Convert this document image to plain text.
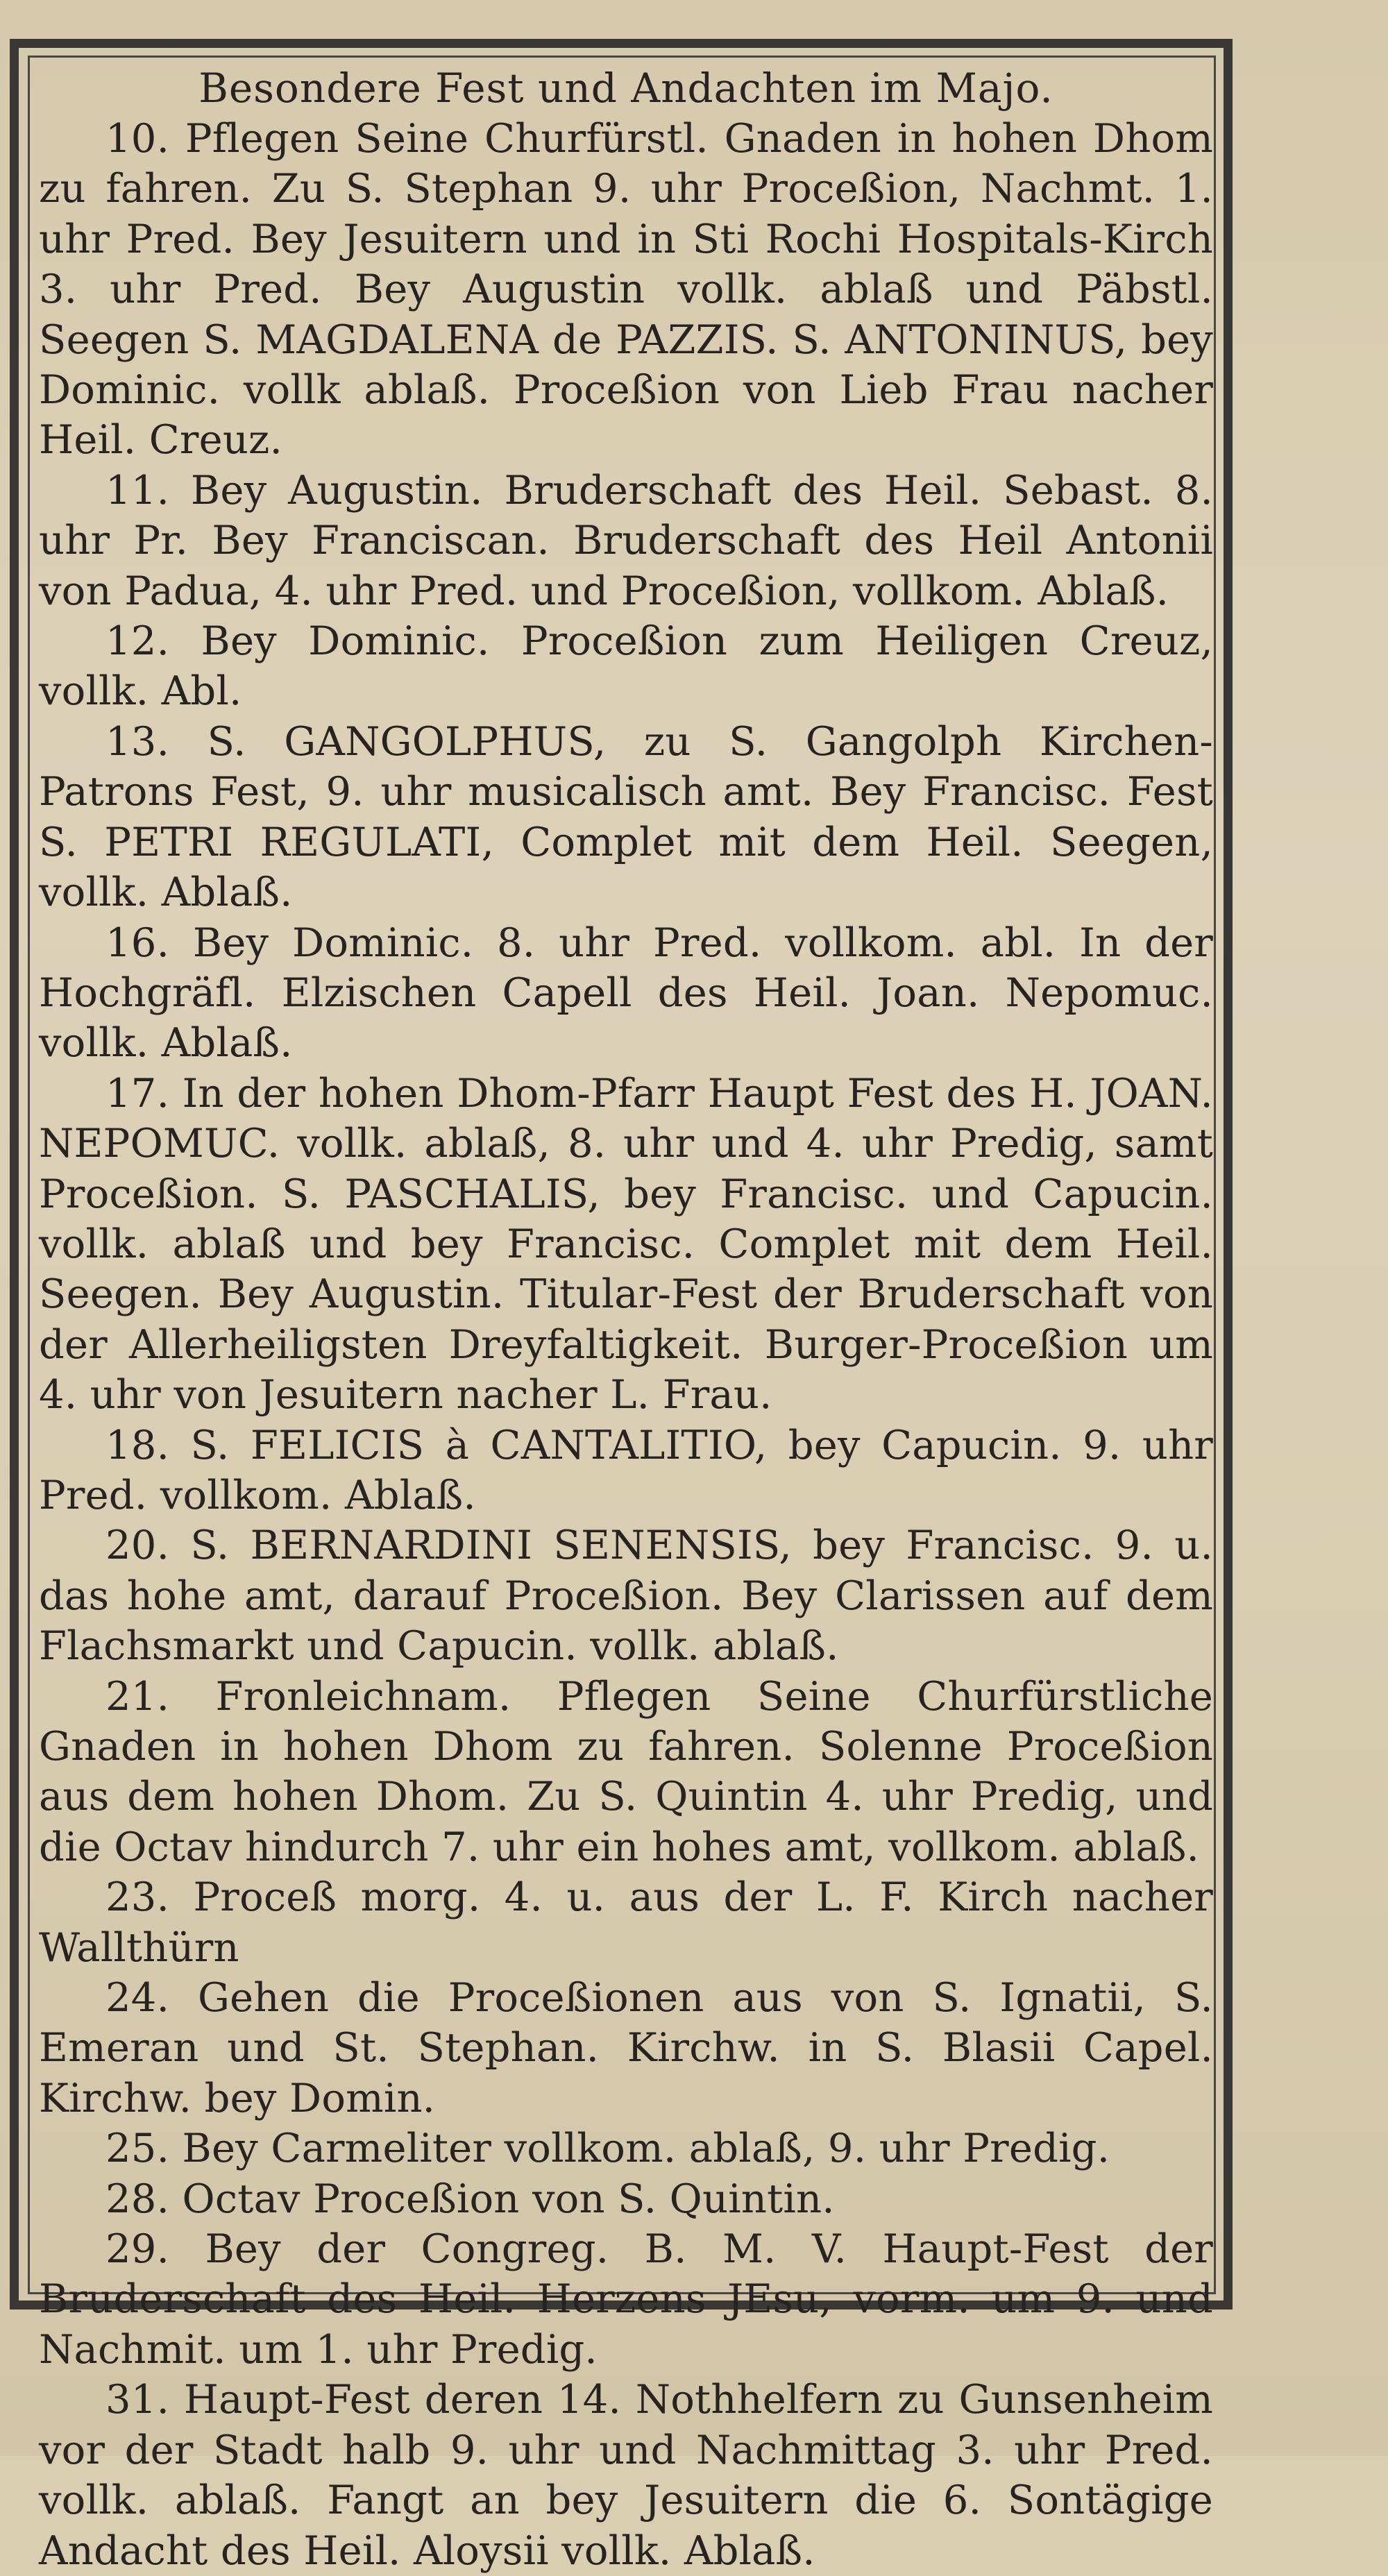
Besondere Fest und Andachten im Majo.

10. Pflegen Seine Churfürstl. Gnaden in hohen Dhom zu fahren. Zu S. Stephan 9. uhr Proceßion, Nachmt. 1. uhr Pred. Bey Jesuitern und in Sti Rochi Hospitals-Kirch 3. uhr Pred. Bey Augustin vollk. ablaß und Päbstl. Seegen S. MAGDALENA de PAZZIS. S. ANTONINUS, bey Dominic. vollk ablaß. Proceßion von Lieb Frau nacher Heil. Creuz.

11. Bey Augustin. Bruderschaft des Heil. Sebast. 8. uhr Pr. Bey Franciscan. Bruderschaft des Heil Antonii von Padua, 4. uhr Pred. und Proceßion, vollkom. Ablaß.

12. Bey Dominic. Proceßion zum Heiligen Creuz, vollk. Abl.

13. S. GANGOLPHUS, zu S. Gangolph Kirchen-Patrons Fest, 9. uhr musicalisch amt. Bey Francisc. Fest S. PETRI REGULATI, Complet mit dem Heil. Seegen, vollk. Ablaß.

16. Bey Dominic. 8. uhr Pred. vollkom. abl. In der Hochgräfl. Elzischen Capell des Heil. Joan. Nepomuc. vollk. Ablaß.

17. In der hohen Dhom-Pfarr Haupt Fest des H. JOAN. NEPOMUC. vollk. ablaß, 8. uhr und 4. uhr Predig, samt Proceßion. S. PASCHALIS, bey Francisc. und Capucin. vollk. ablaß und bey Francisc. Complet mit dem Heil. Seegen. Bey Augustin. Titular-Fest der Bruderschaft von der Allerheiligsten Dreyfaltigkeit. Burger-Proceßion um 4. uhr von Jesuitern nacher L. Frau.

18. S. FELICIS à CANTALITIO, bey Capucin. 9. uhr Pred. vollkom. Ablaß.

20. S. BERNARDINI SENENSIS, bey Francisc. 9. u. das hohe amt, darauf Proceßion. Bey Clarissen auf dem Flachsmarkt und Capucin. vollk. ablaß.

21. Fronleichnam. Pflegen Seine Churfürstliche Gnaden in hohen Dhom zu fahren. Solenne Proceßion aus dem hohen Dhom. Zu S. Quintin 4. uhr Predig, und die Octav hindurch 7. uhr ein hohes amt, vollkom. ablaß.

23. Proceß morg. 4. u. aus der L. F. Kirch nacher Wallthürn

24. Gehen die Proceßionen aus von S. Ignatii, S. Emeran und St. Stephan. Kirchw. in S. Blasii Capel. Kirchw. bey Domin.

25. Bey Carmeliter vollkom. ablaß, 9. uhr Predig.

28. Octav Proceßion von S. Quintin.

29. Bey der Congreg. B. M. V. Haupt-Fest der Bruderschaft des Heil. Herzens JEsu, vorm. um 9. und Nachmit. um 1. uhr Predig.

31. Haupt-Fest deren 14. Nothhelfern zu Gunsenheim vor der Stadt halb 9. uhr und Nachmittag 3. uhr Pred. vollk. ablaß. Fangt an bey Jesuitern die 6. Sontägige Andacht des Heil. Aloysii vollk. Ablaß.
